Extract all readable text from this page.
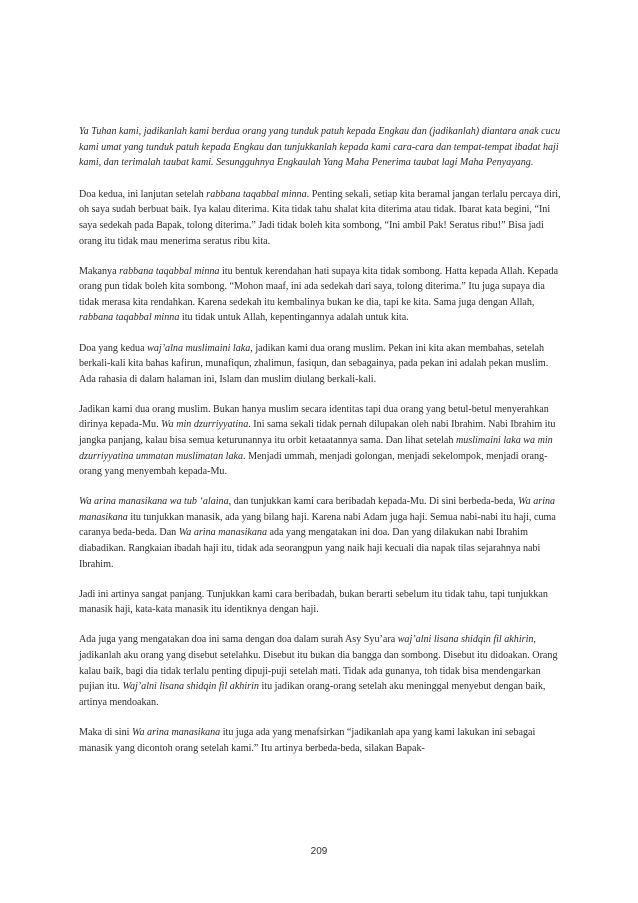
Ya Tuhan kami, jadikanlah kami berdua orang yang tunduk patuh kepada Engkau dan (jadikanlah) diantara anak cucu kami umat yang tunduk patuh kepada Engkau dan tunjukkanlah kepada kami cara-cara dan tempat-tempat ibadat haji kami, dan terimalah taubat kami. Sesungguhnya Engkaulah Yang Maha Penerima taubat lagi Maha Penyayang.

Doa kedua, ini lanjutan setelah rabbana taqabbal minna. Penting sekali, setiap kita beramal jangan terlalu percaya diri, oh saya sudah berbuat baik. Iya kalau diterima. Kita tidak tahu shalat kita diterima atau tidak. Ibarat kata begini, “Ini saya sedekah pada Bapak, tolong diterima.” Jadi tidak boleh kita sombong, “Ini ambil Pak! Seratus ribu!” Bisa jadi orang itu tidak mau menerima seratus ribu kita.

Makanya rabbana taqabbal minna itu bentuk kerendahan hati supaya kita tidak sombong. Hatta kepada Allah. Kepada orang pun tidak boleh kita sombong. “Mohon maaf, ini ada sedekah dari saya, tolong diterima.” Itu juga supaya dia tidak merasa kita rendahkan. Karena sedekah itu kembalinya bukan ke dia, tapi ke kita. Sama juga dengan Allah, rabbana taqabbal minna itu tidak untuk Allah, kepentingannya adalah untuk kita.

Doa yang kedua waj’alna muslimaini laka, jadikan kami dua orang muslim. Pekan ini kita akan membahas, setelah berkali-kali kita bahas kafirun, munafiqun, zhalimun, fasiqun, dan sebagainya, pada pekan ini adalah pekan muslim. Ada rahasia di dalam halaman ini, Islam dan muslim diulang berkali-kali.

Jadikan kami dua orang muslim. Bukan hanya muslim secara identitas tapi dua orang yang betul-betul menyerahkan dirinya kepada-Mu. Wa min dzurriyyatina. Ini sama sekali tidak pernah dilupakan oleh nabi Ibrahim. Nabi Ibrahim itu jangka panjang, kalau bisa semua keturunannya itu orbit ketaatannya sama. Dan lihat setelah muslimaini laka wa min dzurriyyatina ummatan muslimatan laka. Menjadi ummah, menjadi golongan, menjadi sekelompok, menjadi orang-orang yang menyembah kepada-Mu.

Wa arina manasikana wa tub ‘alaina, dan tunjukkan kami cara beribadah kepada-Mu. Di sini berbeda-beda, Wa arina manasikana itu tunjukkan manasik, ada yang bilang haji. Karena nabi Adam juga haji. Semua nabi-nabi itu haji, cuma caranya beda-beda. Dan Wa arina manasikana ada yang mengatakan ini doa. Dan yang dilakukan nabi Ibrahim diabadikan. Rangkaian ibadah haji itu, tidak ada seorangpun yang naik haji kecuali dia napak tilas sejarahnya nabi Ibrahim.

Jadi ini artinya sangat panjang. Tunjukkan kami cara beribadah, bukan berarti sebelum itu tidak tahu, tapi tunjukkan manasik haji, kata-kata manasik itu identiknya dengan haji.

Ada juga yang mengatakan doa ini sama dengan doa dalam surah Asy Syu’ara waj’alni lisana shidqin fil akhirin, jadikanlah aku orang yang disebut setelahku. Disebut itu bukan dia bangga dan sombong. Disebut itu didoakan. Orang kalau baik, bagi dia tidak terlalu penting dipuji-puji setelah mati. Tidak ada gunanya, toh tidak bisa mendengarkan pujian itu. Waj’alni lisana shidqin fil akhirin itu jadikan orang-orang setelah aku meninggal menyebut dengan baik, artinya mendoakan.

Maka di sini Wa arina manasikana itu juga ada yang menafsirkan “jadikanlah apa yang kami lakukan ini sebagai manasik yang dicontoh orang setelah kami.” Itu artinya berbeda-beda, silakan Bapak-

209
